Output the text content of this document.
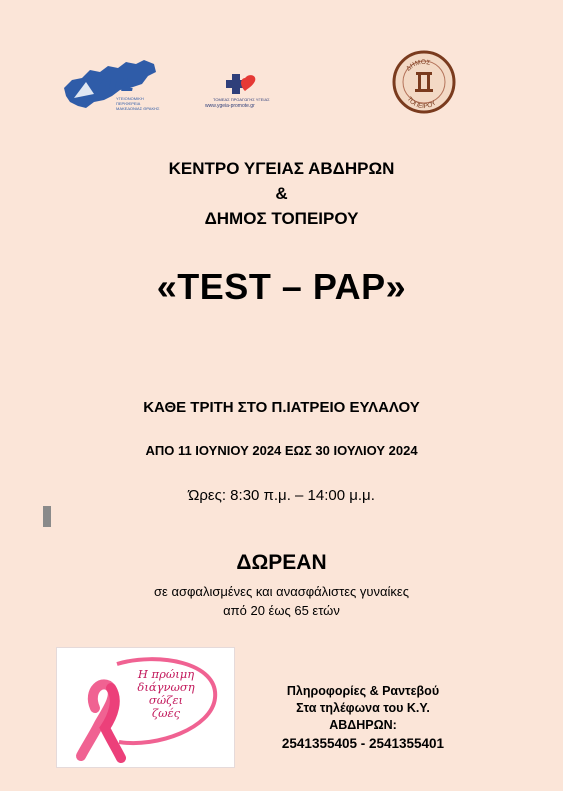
ΥΠΕ
ΥΓΕΙΟΝΟΜΙΚΗ ΠΕΡΙΦΕΡΕΙΑ ΜΑΚΕΔΟΝΙΑΣ ΘΡΑΚΗΣ
ΤΟΜΕΑΣ ΠΡΟΑΓΩΓΗΣ ΥΓΕΙΑΣ
www.ygeia-promote.gr
ΔΗΜΟΣ
ΤΟΠΕΙΡΟΥ
ΚΕΝΤΡΟ ΥΓΕΙΑΣ ΑΒΔΗΡΩΝ
&
ΔΗΜΟΣ ΤΟΠΕΙΡΟΥ
«TEST – PAP»
ΚΑΘΕ ΤΡΙΤΗ ΣΤΟ Π.ΙΑΤΡΕΙΟ ΕΥΛΑΛΟΥ
ΑΠΟ 11 ΙΟΥΝΙΟΥ 2024 ΕΩΣ 30 ΙΟΥΛΙΟΥ 2024
Ώρες: 8:30 π.μ. – 14:00 μ.μ.
ΔΩΡΕΑΝ
σε ασφαλισμένες και ανασφάλιστες γυναίκες
από 20 έως 65 ετών
Η πρώιμη
διάγνωση
σώζει
ζωές
Πληροφορίες & Ραντεβού
Στα τηλέφωνα του Κ.Υ.
ΑΒΔΗΡΩΝ:
2541355405 - 2541355401
